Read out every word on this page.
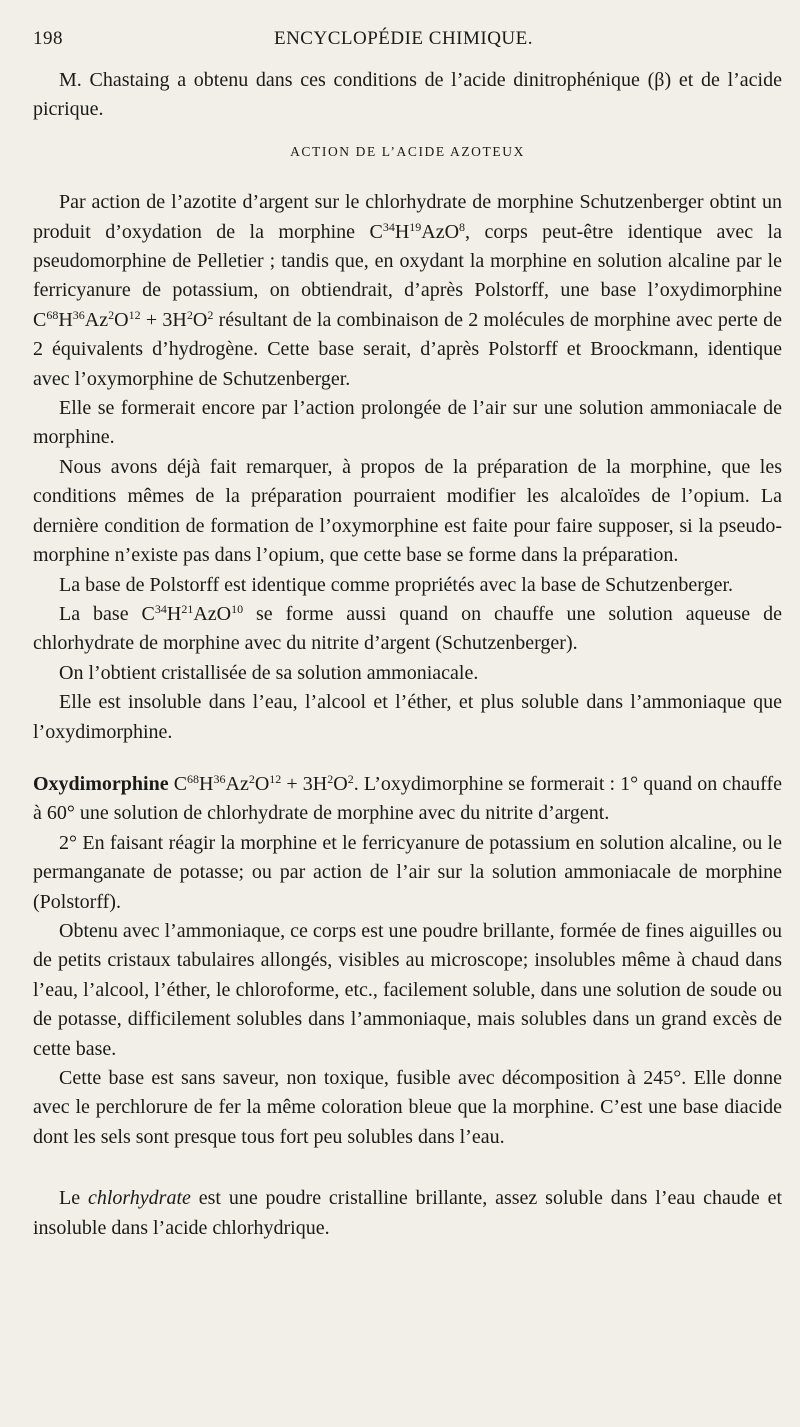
198	ENCYCLOPÉDIE CHIMIQUE.

M. Chastaing a obtenu dans ces conditions de l’acide dinitrophénique (β) et de l’acide picrique.

ACTION DE L’ACIDE AZOTEUX

Par action de l’azotite d’argent sur le chlorhydrate de morphine Schutzenberger obtint un produit d’oxydation de la morphine $C^{34}H^{19}AzO^8$, corps peut-être identique avec la pseudomorphine de Pelletier ; tandis que, en oxydant la morphine en solution alcaline par le ferricyanure de potassium, on obtiendrait, d’après Polstorff, une base l’oxydimorphine $C^{68}H^{36}Az^2O^{12} + 3H^2O^2$ résultant de la combinaison de 2 molécules de morphine avec perte de 2 équivalents d’hydrogène. Cette base serait, d’après Polstorff et Broockmann, identique avec l’oxymorphine de Schutzenberger.

Elle se formerait encore par l’action prolongée de l’air sur une solution ammoniacale de morphine.

Nous avons déjà fait remarquer, à propos de la préparation de la morphine, que les conditions mêmes de la préparation pourraient modifier les alcaloïdes de l’opium. La dernière condition de formation de l’oxymorphine est faite pour faire supposer, si la pseudo-morphine n’existe pas dans l’opium, que cette base se forme dans la préparation.

La base de Polstorff est identique comme propriétés avec la base de Schutzenberger.

La base $C^{34}H^{21}AzO^{10}$ se forme aussi quand on chauffe une solution aqueuse de chlorhydrate de morphine avec du nitrite d’argent (Schutzenberger).

On l’obtient cristallisée de sa solution ammoniacale.

Elle est insoluble dans l’eau, l’alcool et l’éther, et plus soluble dans l’ammoniaque que l’oxydimorphine.

Oxydimorphine $C^{68}H^{36}Az^2O^{12} + 3H^2O^2$. L’oxydimorphine se formerait : 1° quand on chauffe à 60° une solution de chlorhydrate de morphine avec du nitrite d’argent.

2° En faisant réagir la morphine et le ferricyanure de potassium en solution alcaline, ou le permanganate de potasse; ou par action de l’air sur la solution ammoniacale de morphine (Polstorff).

Obtenu avec l’ammoniaque, ce corps est une poudre brillante, formée de fines aiguilles ou de petits cristaux tabulaires allongés, visibles au microscope; insolubles même à chaud dans l’eau, l’alcool, l’éther, le chloroforme, etc., facilement soluble, dans une solution de soude ou de potasse, difficilement solubles dans l’ammoniaque, mais solubles dans un grand excès de cette base.

Cette base est sans saveur, non toxique, fusible avec décomposition à 245°. Elle donne avec le perchlorure de fer la même coloration bleue que la morphine. C’est une base diacide dont les sels sont presque tous fort peu solubles dans l’eau.

Le chlorhydrate est une poudre cristalline brillante, assez soluble dans l’eau chaude et insoluble dans l’acide chlorhydrique.
